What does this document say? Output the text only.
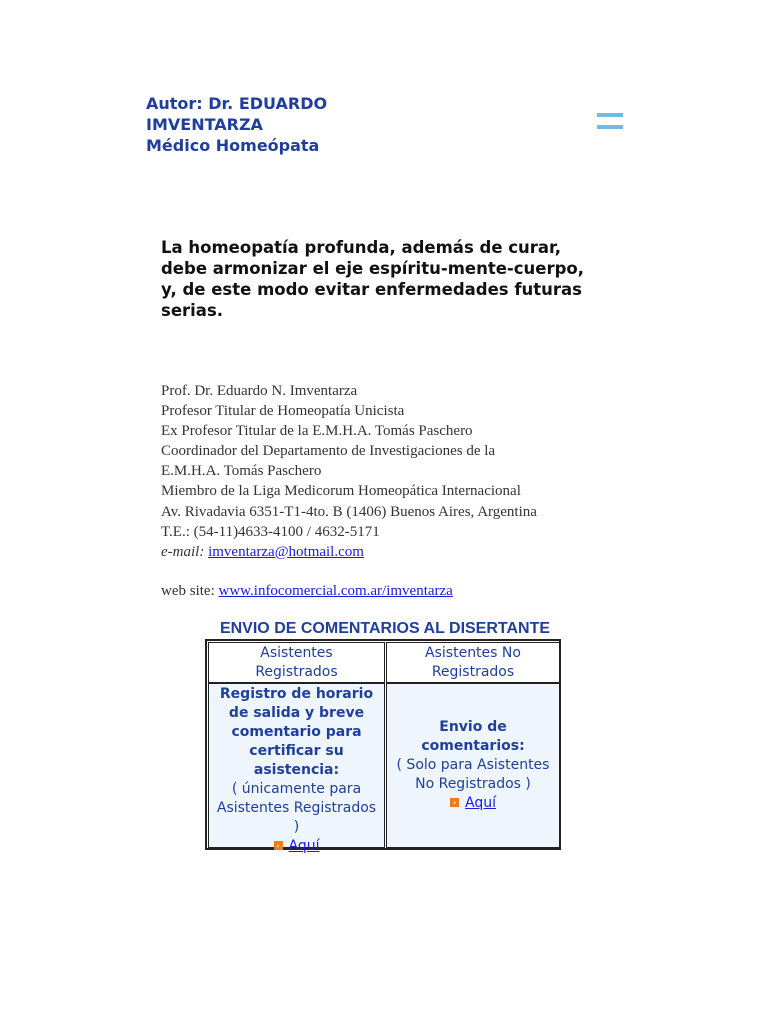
Autor: Dr. EDUARDO
IMVENTARZA
Médico Homeópata
La homeopatía profunda, además de curar,
debe armonizar el eje espíritu-mente-cuerpo,
y, de este modo evitar enfermedades futuras
serias.
Prof. Dr. Eduardo N. Imventarza
Profesor Titular de Homeopatía Unicista
Ex Profesor Titular de la E.M.H.A. Tomás Paschero
Coordinador del Departamento de Investigaciones de la
E.M.H.A. Tomás Paschero
Miembro de la Liga Medicorum Homeopática Internacional
Av. Rivadavia 6351-T1-4to. B (1406) Buenos Aires, Argentina
T.E.: (54-11)4633-4100 / 4632-5171
e-mail: imventarza@hotmail.com
web site: www.infocomercial.com.ar/imventarza
ENVIO DE COMENTARIOS AL DISERTANTE
Asistentes
Registrados
Asistentes No
Registrados
Registro de horario
de salida y breve
comentario para
certificar su
asistencia:
( únicamente para
Asistentes Registrados
)
› Aquí
Envio de
comentarios:
( Solo para Asistentes
No Registrados )
› Aquí
